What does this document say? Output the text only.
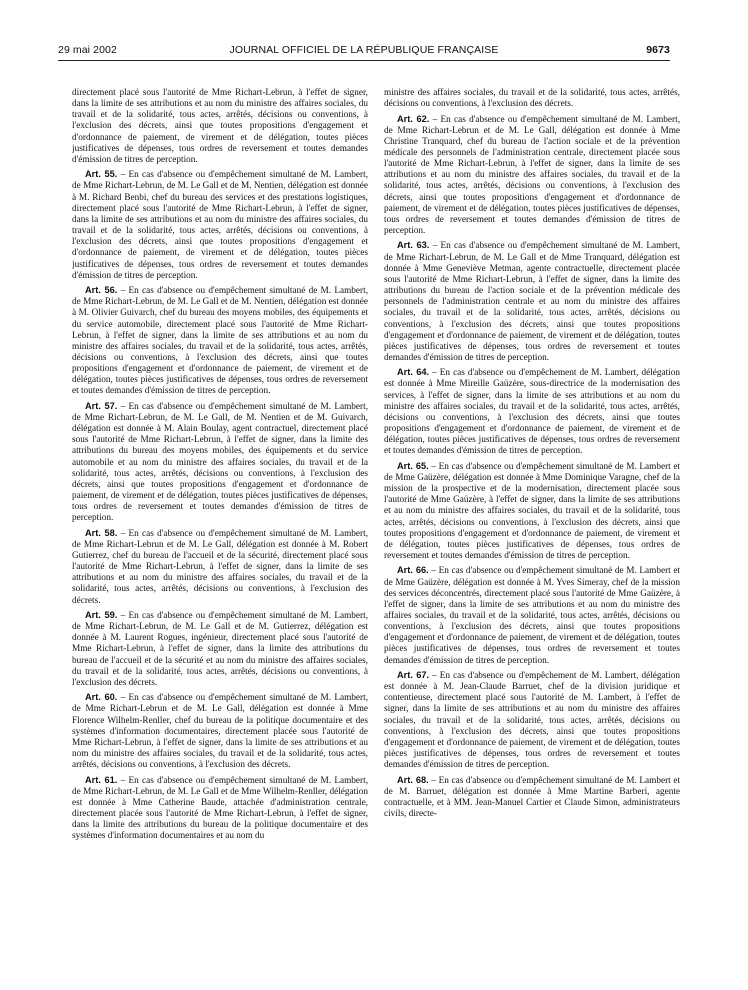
29 mai 2002	JOURNAL OFFICIEL DE LA RÉPUBLIQUE FRANÇAISE	9673

directement placé sous l'autorité de Mme Richart-Lebrun, à l'effet de signer, dans la limite de ses attributions et au nom du ministre des affaires sociales, du travail et de la solidarité, tous actes, arrêtés, décisions ou conventions, à l'exclusion des décrets, ainsi que toutes propositions d'engagement et d'ordonnance de paiement, de virement et de délégation, toutes pièces justificatives de dépenses, tous ordres de reversement et toutes demandes d'émission de titres de perception.

Art. 55. – En cas d'absence ou d'empêchement simultané de M. Lambert, de Mme Richart-Lebrun, de M. Le Gall et de M. Nentien, délégation est donnée à M. Richard Benbi, chef du bureau des services et des prestations logistiques, directement placé sous l'autorité de Mme Richart-Lebrun, à l'effet de signer, dans la limite de ses attributions et au nom du ministre des affaires sociales, du travail et de la solidarité, tous actes, arrêtés, décisions ou conventions, à l'exclusion des décrets, ainsi que toutes propositions d'engagement et d'ordonnance de paiement, de virement et de délégation, toutes pièces justificatives de dépenses, tous ordres de reversement et toutes demandes d'émission de titres de perception.

Art. 56. – En cas d'absence ou d'empêchement simultané de M. Lambert, de Mme Richart-Lebrun, de M. Le Gall et de M. Nentien, délégation est donnée à M. Olivier Guivarch, chef du bureau des moyens mobiles, des équipements et du service automobile, directement placé sous l'autorité de Mme Richart-Lebrun, à l'effet de signer, dans la limite de ses attributions et au nom du ministre des affaires sociales, du travail et de la solidarité, tous actes, arrêtés, décisions ou conventions, à l'exclusion des décrets, ainsi que toutes propositions d'engagement et d'ordonnance de paiement, de virement et de délégation, toutes pièces justificatives de dépenses, tous ordres de reversement et toutes demandes d'émission de titres de perception.

Art. 57. – En cas d'absence ou d'empêchement simultané de M. Lambert, de Mme Richart-Lebrun, de M. Le Gall, de M. Nentien et de M. Guivarch, délégation est donnée à M. Alain Boulay, agent contractuel, directement placé sous l'autorité de Mme Richart-Lebrun, à l'effet de signer, dans la limite des attributions du bureau des moyens mobiles, des équipements et du service automobile et au nom du ministre des affaires sociales, du travail et de la solidarité, tous actes, arrêtés, décisions ou conventions, à l'exclusion des décrets, ainsi que toutes propositions d'engagement et d'ordonnance de paiement, de virement et de délégation, toutes pièces justificatives de dépenses, tous ordres de reversement et toutes demandes d'émission de titres de perception.

Art. 58. – En cas d'absence ou d'empêchement simultané de M. Lambert, de Mme Richart-Lebrun et de M. Le Gall, délégation est donnée à M. Robert Gutierrez, chef du bureau de l'accueil et de la sécurité, directement placé sous l'autorité de Mme Richart-Lebrun, à l'effet de signer, dans la limite de ses attributions et au nom du ministre des affaires sociales, du travail et de la solidarité, tous actes, arrêtés, décisions ou conventions, à l'exclusion des décrets.

Art. 59. – En cas d'absence ou d'empêchement simultané de M. Lambert, de Mme Richart-Lebrun, de M. Le Gall et de M. Gutierrez, délégation est donnée à M. Laurent Rogues, ingénieur, directement placé sous l'autorité de Mme Richart-Lebrun, à l'effet de signer, dans la limite des attributions du bureau de l'accueil et de la sécurité et au nom du ministre des affaires sociales, du travail et de la solidarité, tous actes, arrêtés, décisions ou conventions, à l'exclusion des décrets.

Art. 60. – En cas d'absence ou d'empêchement simultané de M. Lambert, de Mme Richart-Lebrun et de M. Le Gall, délégation est donnée à Mme Florence Wilhelm-Renller, chef du bureau de la politique documentaire et des systèmes d'information documentaires, directement placée sous l'autorité de Mme Richart-Lebrun, à l'effet de signer, dans la limite de ses attributions et au nom du ministre des affaires sociales, du travail et de la solidarité, tous actes, arrêtés, décisions ou conventions, à l'exclusion des décrets.

Art. 61. – En cas d'absence ou d'empêchement simultané de M. Lambert, de Mme Richart-Lebrun, de M. Le Gall et de Mme Wilhelm-Renller, délégation est donnée à Mme Catherine Baude, attachée d'administration centrale, directement placée sous l'autorité de Mme Richart-Lebrun, à l'effet de signer, dans la limite des attributions du bureau de la politique documentaire et des systèmes d'information documentaires et au nom du

ministre des affaires sociales, du travail et de la solidarité, tous actes, arrêtés, décisions ou conventions, à l'exclusion des décrets.

Art. 62. – En cas d'absence ou d'empêchement simultané de M. Lambert, de Mme Richart-Lebrun et de M. Le Gall, délégation est donnée à Mme Christine Tranquard, chef du bureau de l'action sociale et de la prévention médicale des personnels de l'administration centrale, directement placée sous l'autorité de Mme Richart-Lebrun, à l'effet de signer, dans la limite de ses attributions et au nom du ministre des affaires sociales, du travail et de la solidarité, tous actes, arrêtés, décisions ou conventions, à l'exclusion des décrets, ainsi que toutes propositions d'engagement et d'ordonnance de paiement, de virement et de délégation, toutes pièces justificatives de dépenses, tous ordres de reversement et toutes demandes d'émission de titres de perception.

Art. 63. – En cas d'absence ou d'empêchement simultané de M. Lambert, de Mme Richart-Lebrun, de M. Le Gall et de Mme Tranquard, délégation est donnée à Mme Geneviève Metman, agente contractuelle, directement placée sous l'autorité de Mme Richart-Lebrun, à l'effet de signer, dans la limite des attributions du bureau de l'action sociale et de la prévention médicale des personnels de l'administration centrale et au nom du ministre des affaires sociales, du travail et de la solidarité, tous actes, arrêtés, décisions ou conventions, à l'exclusion des décrets, ainsi que toutes propositions d'engagement et d'ordonnance de paiement, de virement et de délégation, toutes pièces justificatives de dépenses, tous ordres de reversement et toutes demandes d'émission de titres de perception.

Art. 64. – En cas d'absence ou d'empêchement de M. Lambert, délégation est donnée à Mme Mireille Gaüzère, sous-directrice de la modernisation des services, à l'effet de signer, dans la limite de ses attributions et au nom du ministre des affaires sociales, du travail et de la solidarité, tous actes, arrêtés, décisions ou conventions, à l'exclusion des décrets, ainsi que toutes propositions d'engagement et d'ordonnance de paiement, de virement et de délégation, toutes pièces justificatives de dépenses, tous ordres de reversement et toutes demandes d'émission de titres de perception.

Art. 65. – En cas d'absence ou d'empêchement simultané de M. Lambert et de Mme Gaüzère, délégation est donnée à Mme Dominique Varagne, chef de la mission de la prospective et de la modernisation, directement placée sous l'autorité de Mme Gaüzère, à l'effet de signer, dans la limite de ses attributions et au nom du ministre des affaires sociales, du travail et de la solidarité, tous actes, arrêtés, décisions ou conventions, à l'exclusion des décrets, ainsi que toutes propositions d'engagement et d'ordonnance de paiement, de virement et de délégation, toutes pièces justificatives de dépenses, tous ordres de reversement et toutes demandes d'émission de titres de perception.

Art. 66. – En cas d'absence ou d'empêchement simultané de M. Lambert et de Mme Gaüzère, délégation est donnée à M. Yves Simeray, chef de la mission des services déconcentrés, directement placé sous l'autorité de Mme Gaüzère, à l'effet de signer, dans la limite de ses attributions et au nom du ministre des affaires sociales, du travail et de la solidarité, tous actes, arrêtés, décisions ou conventions, à l'exclusion des décrets, ainsi que toutes propositions d'engagement et d'ordonnance de paiement, de virement et de délégation, toutes pièces justificatives de dépenses, tous ordres de reversement et toutes demandes d'émission de titres de perception.

Art. 67. – En cas d'absence ou d'empêchement de M. Lambert, délégation est donnée à M. Jean-Claude Barruet, chef de la division juridique et contentieuse, directement placé sous l'autorité de M. Lambert, à l'effet de signer, dans la limite de ses attributions et au nom du ministre des affaires sociales, du travail et de la solidarité, tous actes, arrêtés, décisions ou conventions, à l'exclusion des décrets, ainsi que toutes propositions d'engagement et d'ordonnance de paiement, de virement et de délégation, toutes pièces justificatives de dépenses, tous ordres de reversement et toutes demandes d'émission de titres de perception.

Art. 68. – En cas d'absence ou d'empêchement simultané de M. Lambert et de M. Barruet, délégation est donnée à Mme Martine Barberi, agente contractuelle, et à MM. Jean-Manuel Cartier et Claude Simon, administrateurs civils, directe-
